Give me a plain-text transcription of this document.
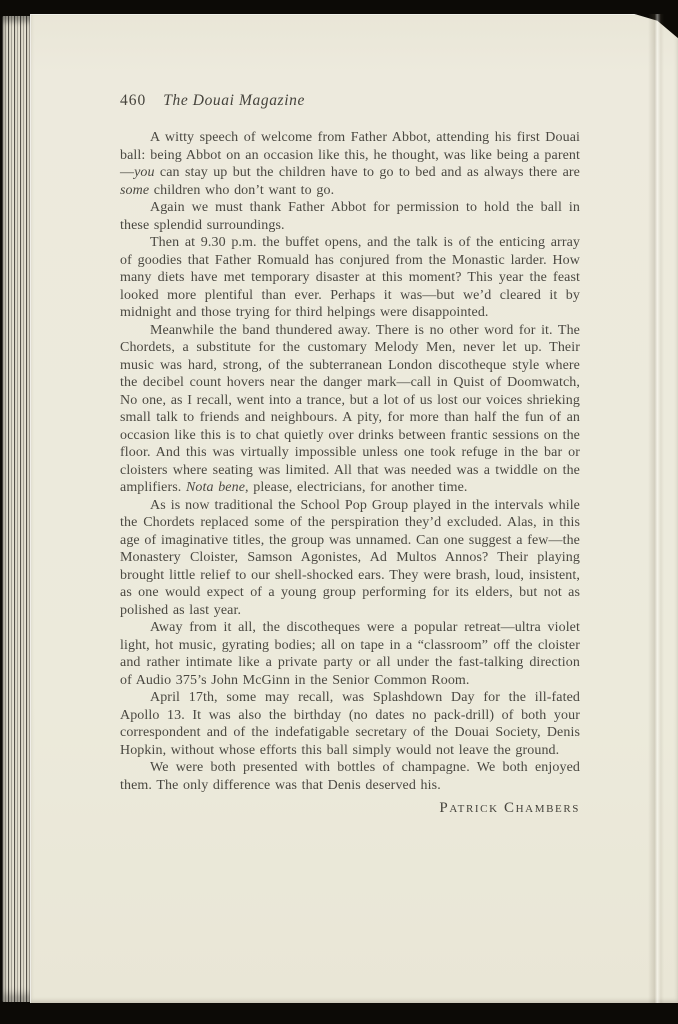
460 The Douai Magazine

A witty speech of welcome from Father Abbot, attending his first Douai ball: being Abbot on an occasion like this, he thought, was like being a parent—you can stay up but the children have to go to bed and as always there are some children who don’t want to go.

Again we must thank Father Abbot for permission to hold the ball in these splendid surroundings.

Then at 9.30 p.m. the buffet opens, and the talk is of the enticing array of goodies that Father Romuald has conjured from the Monastic larder. How many diets have met temporary disaster at this moment? This year the feast looked more plentiful than ever. Perhaps it was—but we’d cleared it by midnight and those trying for third helpings were disappointed.

Meanwhile the band thundered away. There is no other word for it. The Chordets, a substitute for the customary Melody Men, never let up. Their music was hard, strong, of the subterranean London discotheque style where the decibel count hovers near the danger mark—call in Quist of Doomwatch, No one, as I recall, went into a trance, but a lot of us lost our voices shrieking small talk to friends and neighbours. A pity, for more than half the fun of an occasion like this is to chat quietly over drinks between frantic sessions on the floor. And this was virtually impossible unless one took refuge in the bar or cloisters where seating was limited. All that was needed was a twiddle on the amplifiers. Nota bene, please, electricians, for another time.

As is now traditional the School Pop Group played in the intervals while the Chordets replaced some of the perspiration they’d excluded. Alas, in this age of imaginative titles, the group was unnamed. Can one suggest a few—the Monastery Cloister, Samson Agonistes, Ad Multos Annos? Their playing brought little relief to our shell-shocked ears. They were brash, loud, insistent, as one would expect of a young group performing for its elders, but not as polished as last year.

Away from it all, the discotheques were a popular retreat—ultra violet light, hot music, gyrating bodies; all on tape in a “classroom” off the cloister and rather intimate like a private party or all under the fast-talking direction of Audio 375’s John McGinn in the Senior Common Room.

April 17th, some may recall, was Splashdown Day for the ill-fated Apollo 13. It was also the birthday (no dates no pack-drill) of both your correspondent and of the indefatigable secretary of the Douai Society, Denis Hopkin, without whose efforts this ball simply would not leave the ground.

We were both presented with bottles of champagne. We both enjoyed them. The only difference was that Denis deserved his.

Patrick Chambers
